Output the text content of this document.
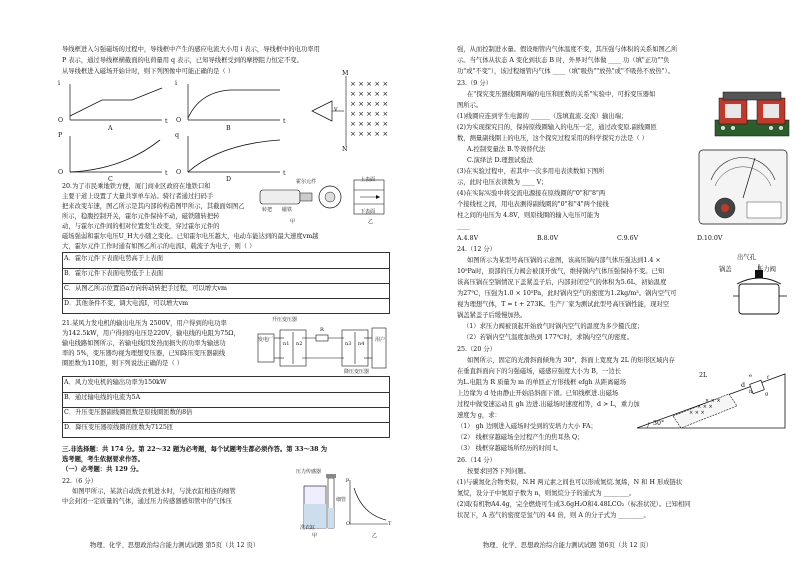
导线框进入匀强磁场的过程中，导线框中产生的感应电流大小用 i 表示，导线框中的电功率用
P 表示，通过导线框横截面的电荷量用 q 表示，已知导线框受到的摩擦阻力恒定不变。
从导线框进入磁场开始计时，则下列图像中可能正确的是（ ）
i
O	t
A
i
O	t
B
P
O	t
C
q
O	t
D
× × × × ×
× × × × ×
× × × × ×
× × × × ×
× × × × ×
× × × × ×
M
N
v
20.为了市民乘地铁方便，厦门商业区政府在地铁口和
主要干道上设置了大量共享单车站。骑行者通过扫码手
把来改变车速，图乙所示是其内部的构造图甲所示，其截面如图乙
所示，稳腹控制开关，霍尔元件保持不动，磁铁随转把转
动，与霍尔元件间的相对位置发生改变，穿过霍尔元件的
磁场强弱和霍尔电压U_H大小随之变化。已知霍尔电压越大，电动车能达到的最大速度vm越
大，霍尔元件工作时通有如图乙所示的电流I，载流子为电子，则（ ）
霍尔元件
磁铁
转把
甲	乙
上表面
下表面
A．霍尔元件下表面电势高于上表面
B．霍尔元件下表面电势低于上表面
C．从图乙所示位置沿a方向转动转把手过程，可以增大vm
D．其他条件不变，调大电流I，可以增大vm
21.某风力发电机的输出电压为 2500V，用户得到的电功率
为142.5kW，用户得到的电压是220V，输电线的电阻为75Ω，
输电线路如图所示，若输电线因发热而损失的功率为输送功
率的 5%，变压器均视为理想变压器，已知降压变压器副线
圈匝数为110匝，则下列说法正确的是（ ）
升压变压器
降压变压器
发电厂	用户
n1 n2	n3 n4
R
A．风力发电机的输出功率为150kW
B．通过输电线的电流为5A
C．升压变压器副线圈匝数是原线圈匝数的8倍
D．降压变压器原线圈的匝数为7125匝
三.非选择题：共 174 分。第 22～32 题为必考题，每个试题考生都必须作答。第 33～38 为
选考题，考生依据要求作答。
（一）必考题：共 129 分。
22.（6 分）
如图甲所示，某款自动洗衣机进水时，与洗衣缸相连的细管
中会封闭一定质量的气体，通过压力传感器感知管中的气体压
压力传感器
洗衣缸
细管
甲	乙
p
T
O
物理、化学、思想政治综合能力测试试题 第5页（共 12 页）
强，从而控制进水量。假设细管内气体温度不变，其压强与体积的关系如图乙所
示。当气体从状态 A 变化到状态 B 时，外界对气体做 ____ 功（填"正功""负
功"或"不变"），该过程细管内气体 ____（填"吸热""放热"或"不吸热不放热"）。
23.（9 分）
在"探究变压器线圈两端的电压和匝数的关系"实验中，可拆变压器如
图所示。
(1)线圈应连到学生电源的 ______（选填直流.交流）输出端；
(2)为实现探究目的，保持原线圈输入的电压一定，通过改变原.副线圈匝
数，测量副线圈上的电压，这个探究过程采用的科学探究方法是（ ）
A.控制变量法 B.等效替代法
C.演绎法 D.理想试验法
(3)在实验过程中，若其中一次多用电表读数如下图所
示，此时电压表读数为 ____ V；
(4)在实际实验中将交流电源接在原线圈的"0"和"8"两
个接线柱之间，用电表测得副线圈的"0"和"4"两个接线
柱之间的电压为 4.8V，则原线圈的输入电压可能为
____
A.4.8V	B.8.0V	C.9.6V	D.10.0V
24.（12 分）
如图所示为某型号高压锅的示意图，该高压锅内部气体压强达到1.4 ×
10⁵Pa时，顶部的压力阀会被顶开放气，维持锅内气体压强保持不变。已知
该高压锅在空锅情况下盖紧盖子后，内部封闭空气的体积为5.6L，初始温度
为27℃，压强为1.0 × 10⁵Pa，此时锅内空气的密度为1.2kg/m³。锅内空气可
视为理想气体，T = t + 273K。生产厂家为测试此型号高压锅性能，现对空
锅盖紧盖子后缓慢加热。
（1）求压力阀被顶起开始放气时锅内空气的温度为多少摄氏度；
（2）若锅内空气温度加热到 177℃时，求锅内空气的密度。
出气孔
锅盖	压力阀
25.（20 分）
如图所示，固定的光滑斜面倾角为 30°，斜面上宽度为 2L 的矩形区域内存
在垂直斜面向下的匀强磁场，磁感应强度大小为 B，一边长
为L.电阻为 R 质量为 m 的单匝正方形线框 efgh 从距离磁场
上边缘为 d 处由静止开始沿斜面下滑。已知线框进.出磁场
过程中做变速运动且 gh 边进.出磁场时速度相等，d > L，重力加
速度为 g，求：
（1） gh 边刚进入磁场时受到的安培力大小 FA；
（2） 线框穿越磁场全过程产生的焦耳热 Q；
（3） 线框穿越磁场所经历的时间 t。
× × ×
× × ×
× × ×
2L
d
e	f
h	g
30°
26.（14 分）
按要求回答下列问题。
(1)与碳氮化合物类似，N.H 两元素之间也可以形成氮烷.氮烯，N 和 H 形成链状
氮烷，设分子中氮原子数为 n，则氮烷分子的通式为 ________。
(2)取有机物A4.4g，完全燃烧可生成3.6gH₂O和4.48LCO₂（标准状况）。已知相同
状况下，A 蒸气的密度是氢气的 44 倍，则 A 的分子式为 ________。
物理、化学、思想政治综合能力测试试题 第6页（共 12 页）
